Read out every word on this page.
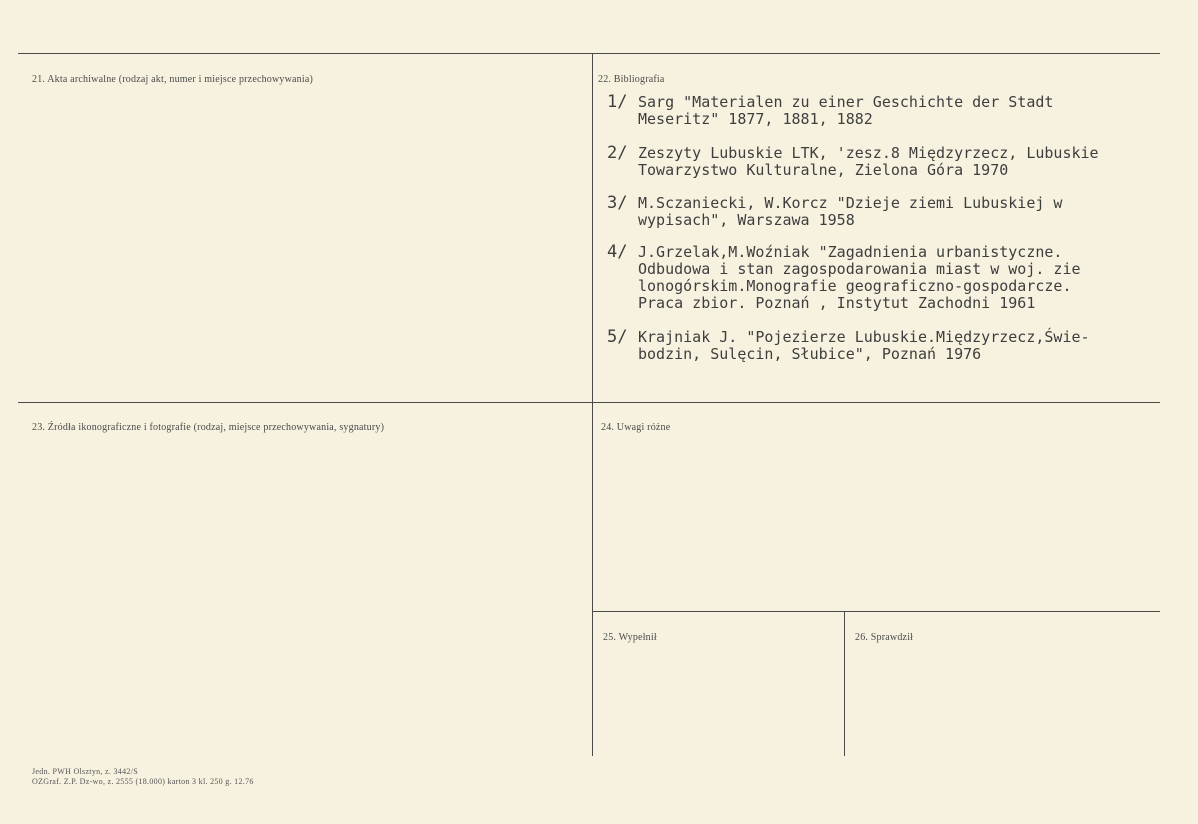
21. Akta archiwalne (rodzaj akt, numer i miejsce przechowywania)	22. Bibliografia
23. Źródła ikonograficzne i fotografie (rodzaj, miejsce przechowywania, sygnatury)	24. Uwagi różne
25. Wypełnił	26. Sprawdził
1/ Sarg "Materialen zu einer Geschichte der Stadt
Meseritz" 1877, 1881, 1882
2/ Zeszyty Lubuskie LTK, 'zesz.8 Międzyrzecz, Lubuskie
Towarzystwo Kulturalne, Zielona Góra 1970
3/ M.Sczaniecki, W.Korcz "Dzieje ziemi Lubuskiej w
wypisach", Warszawa 1958
4/ J.Grzelak,M.Woźniak "Zagadnienia urbanistyczne.
Odbudowa i stan zagospodarowania miast w woj. zie
lonogórskim.Monografie geograficzno-gospodarcze.
Praca zbior. Poznań , Instytut Zachodni 1961
5/ Krajniak J. "Pojezierze Lubuskie.Międzyrzecz,Świe-
bodzin, Sulęcin, Słubice", Poznań 1976
Jedn. PWH Olsztyn, z. 3442/S
OZGraf. Z.P. Dz-wo, z. 2555 (18.000) karton 3 kl. 250 g. 12.76
